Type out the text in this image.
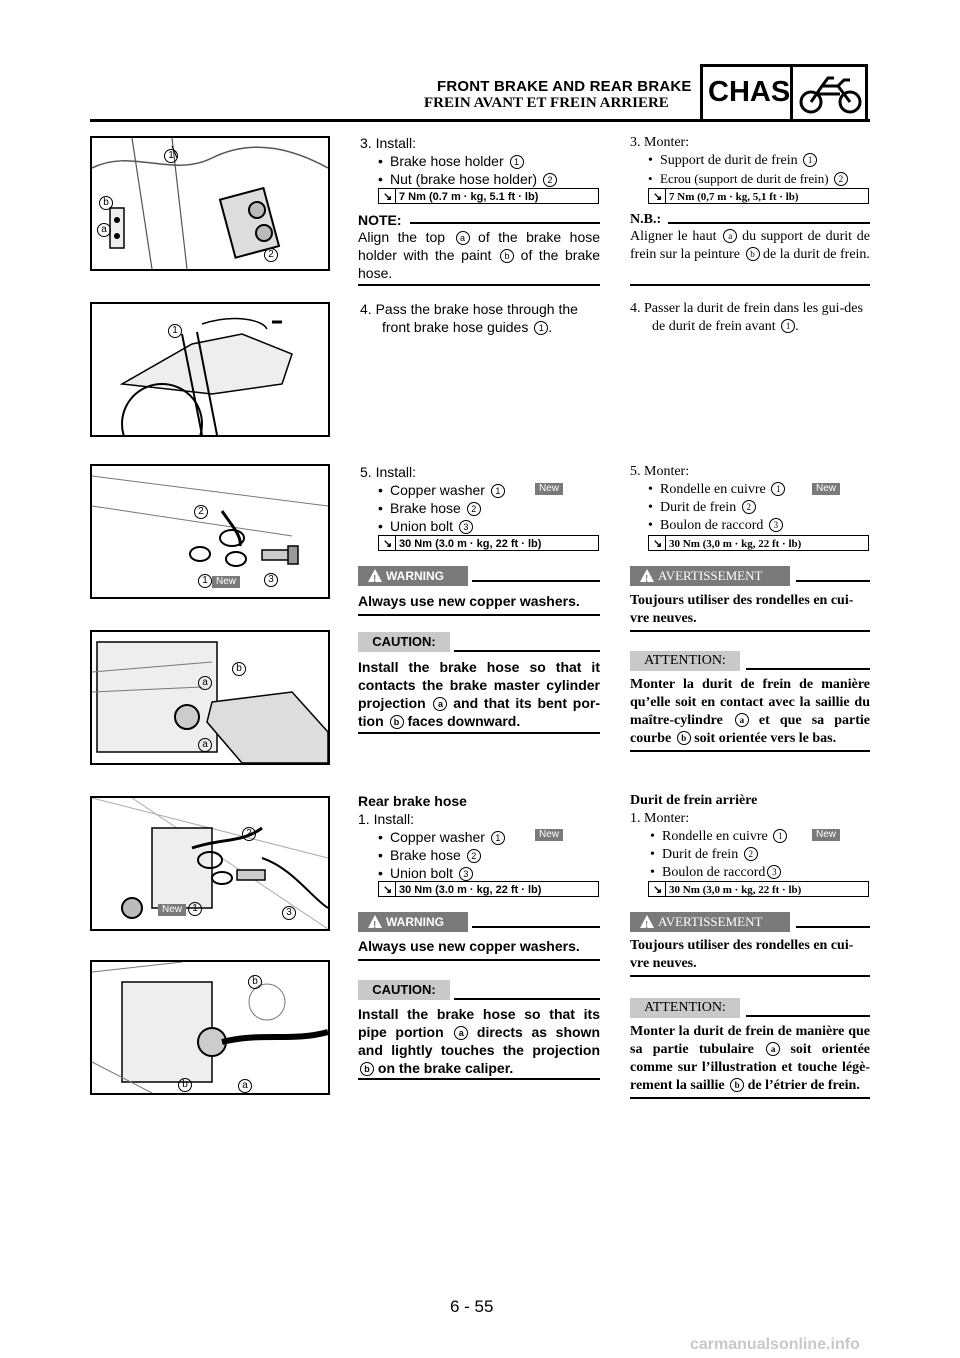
FRONT BRAKE AND REAR BRAKE
FREIN AVANT ET FREIN ARRIERE CHAS
1
2
b
a
1
2
1 New	3
a
b
a
2
New	1	3
b
b	a
3. Install:
• Brake hose holder 1
• Nut (brake hose holder) 2
↘ 7 Nm (0.7 m · kg, 5.1 ft · lb)
NOTE:
Align the top a of the brake hose holder with the paint b of the brake hose.
4. Pass the brake hose through the front brake hose guides 1 .
5. Install:
• Copper washer 1
• Brake hose 2
• Union bolt 3
New
↘ 30 Nm (3.0 m · kg, 22 ft · lb)
!
WARNING
Always use new copper washers.
CAUTION:
Install the brake hose so that it contacts the brake master cylinder projection a and that its bent por-tion b faces downward.
Rear brake hose
1. Install:
• Copper washer 1
• Brake hose 2
• Union bolt 3
New
↘ 30 Nm (3.0 m · kg, 22 ft · lb)
!
WARNING
Always use new copper washers.
CAUTION:
Install the brake hose so that its pipe portion a directs as shown and lightly touches the projection b on the brake caliper.
3. Monter:
• Support de durit de frein 1
• Ecrou (support de durit de frein) 2
↘ 7 Nm (0,7 m · kg, 5,1 ft · lb)
N.B.:
Aligner le haut a du support de durit de frein sur la peinture b de la durit de frein.
4. Passer la durit de frein dans les gui-des de durit de frein avant 1 .
5. Monter:
• Rondelle en cuivre 1
• Durit de frein 2
• Boulon de raccord 3
New
↘ 30 Nm (3,0 m · kg, 22 ft · lb)
!
AVERTISSEMENT
Toujours utiliser des rondelles en cui-vre neuves.
ATTENTION:
Monter la durit de frein de manière qu’elle soit en contact avec la saillie du maître-cylindre a et que sa partie courbe b soit orientée vers le bas.
Durit de frein arrière
1. Monter:
• Rondelle en cuivre 1
• Durit de frein 2
• Boulon de raccord 3
New
↘ 30 Nm (3,0 m · kg, 22 ft · lb)
!
AVERTISSEMENT
Toujours utiliser des rondelles en cui-vre neuves.
ATTENTION:
Monter la durit de frein de manière que sa partie tubulaire a soit orientée comme sur l’illustration et touche légè-rement la saillie b de l’étrier de frein.
6 - 55
carmanualsonline.info
